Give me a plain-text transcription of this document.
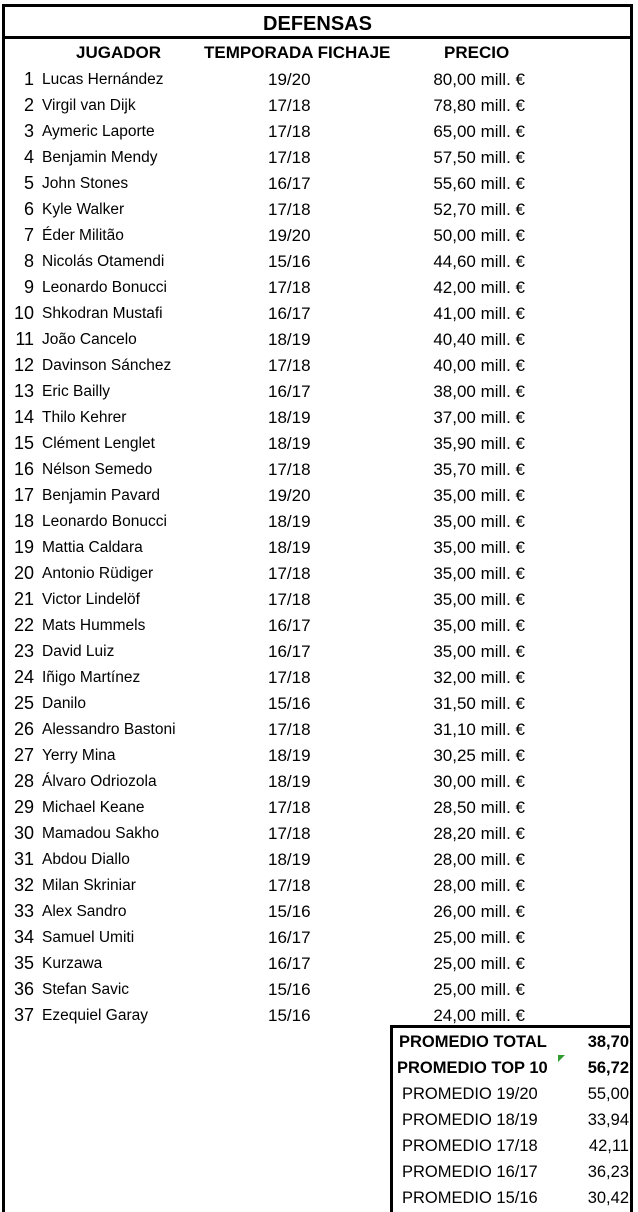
DEFENSAS
JUGADOR	TEMPORADA FICHAJE	PRECIO
1 Lucas Hernández	19/20	80,00 mill. €
2 Virgil van Dijk	17/18	78,80 mill. €
3 Aymeric Laporte	17/18	65,00 mill. €
4 Benjamin Mendy	17/18	57,50 mill. €
5 John Stones	16/17	55,60 mill. €
6 Kyle Walker	17/18	52,70 mill. €
7 Éder Militão	19/20	50,00 mill. €
8 Nicolás Otamendi	15/16	44,60 mill. €
9 Leonardo Bonucci	17/18	42,00 mill. €
10 Shkodran Mustafi	16/17	41,00 mill. €
11 João Cancelo	18/19	40,40 mill. €
12 Davinson Sánchez	17/18	40,00 mill. €
13 Eric Bailly	16/17	38,00 mill. €
14 Thilo Kehrer	18/19	37,00 mill. €
15 Clément Lenglet	18/19	35,90 mill. €
16 Nélson Semedo	17/18	35,70 mill. €
17 Benjamin Pavard	19/20	35,00 mill. €
18 Leonardo Bonucci	18/19	35,00 mill. €
19 Mattia Caldara	18/19	35,00 mill. €
20 Antonio Rüdiger	17/18	35,00 mill. €
21 Victor Lindelöf	17/18	35,00 mill. €
22 Mats Hummels	16/17	35,00 mill. €
23 David Luiz	16/17	35,00 mill. €
24 Iñigo Martínez	17/18	32,00 mill. €
25 Danilo	15/16	31,50 mill. €
26 Alessandro Bastoni	17/18	31,10 mill. €
27 Yerry Mina	18/19	30,25 mill. €
28 Álvaro Odriozola	18/19	30,00 mill. €
29 Michael Keane	17/18	28,50 mill. €
30 Mamadou Sakho	17/18	28,20 mill. €
31 Abdou Diallo	18/19	28,00 mill. €
32 Milan Skriniar	17/18	28,00 mill. €
33 Alex Sandro	15/16	26,00 mill. €
34 Samuel Umiti	16/17	25,00 mill. €
35 Kurzawa	16/17	25,00 mill. €
36 Stefan Savic	15/16	25,00 mill. €
37 Ezequiel Garay	15/16	24,00 mill. €
PROMEDIO TOTAL 38,70
PROMEDIO TOP 10 56,72
PROMEDIO 19/20	55,00
PROMEDIO 18/19	33,94
PROMEDIO 17/18	42,11
PROMEDIO 16/17	36,23
PROMEDIO 15/16	30,42
